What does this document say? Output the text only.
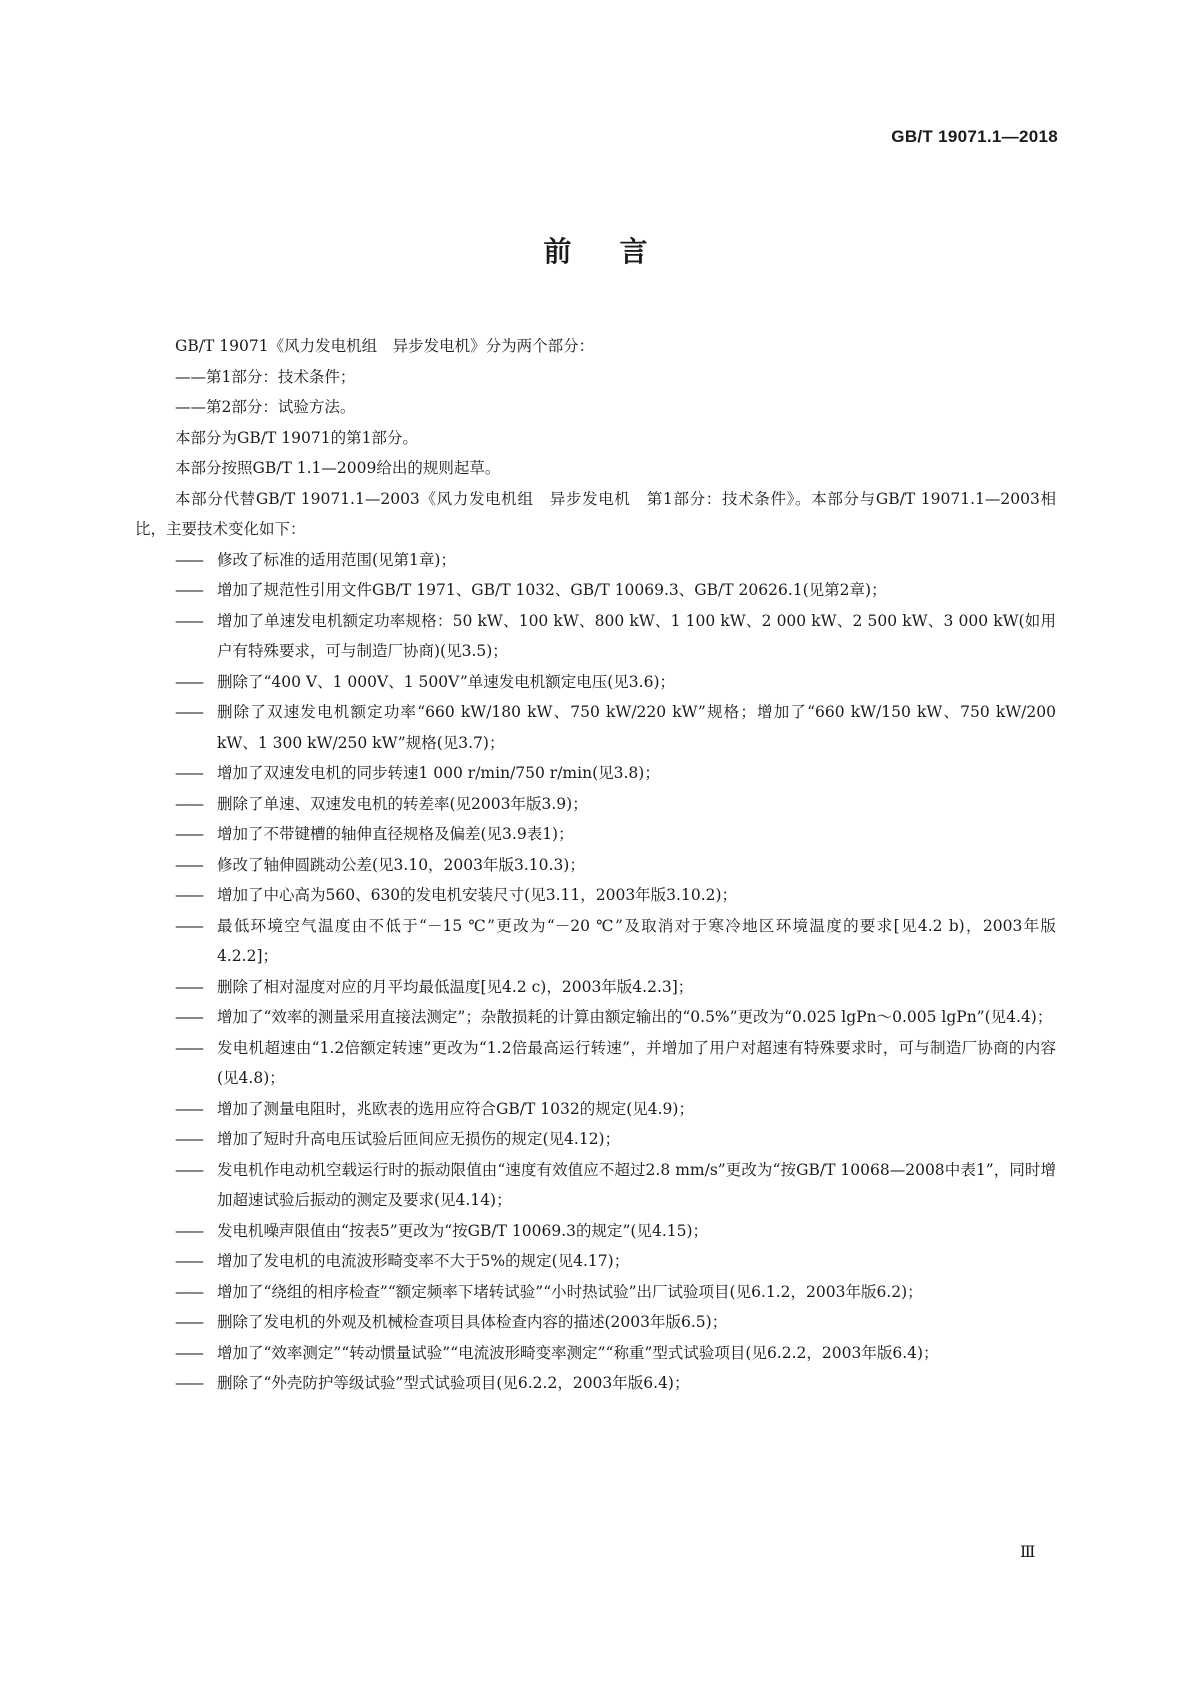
GB/T 19071.1—2018
前言

GB/T 19071《风力发电机组　异步发电机》分为两个部分：

——第1部分：技术条件；

——第2部分：试验方法。

本部分为GB/T 19071的第1部分。

本部分按照GB/T 1.1—2009给出的规则起草。

本部分代替GB/T 19071.1—2003《风力发电机组　异步发电机　第1部分：技术条件》。本部分与GB/T 19071.1—2003相比，主要技术变化如下：

—— 修改了标准的适用范围(见第1章)；
—— 增加了规范性引用文件GB/T 1971、GB/T 1032、GB/T 10069.3、GB/T 20626.1(见第2章)；
—— 增加了单速发电机额定功率规格：50 kW、100 kW、800 kW、1 100 kW、2 000 kW、2 500 kW、3 000 kW(如用户有特殊要求，可与制造厂协商)(见3.5)；
—— 删除了“400 V、1 000V、1 500V”单速发电机额定电压(见3.6)；
—— 删除了双速发电机额定功率“660 kW/180 kW、750 kW/220 kW”规格；增加了“660 kW/150 kW、750 kW/200 kW、1 300 kW/250 kW”规格(见3.7)；
—— 增加了双速发电机的同步转速1 000 r/min/750 r/min(见3.8)；
—— 删除了单速、双速发电机的转差率(见2003年版3.9)；
—— 增加了不带键槽的轴伸直径规格及偏差(见3.9表1)；
—— 修改了轴伸圆跳动公差(见3.10，2003年版3.10.3)；
—— 增加了中心高为560、630的发电机安装尺寸(见3.11，2003年版3.10.2)；
—— 最低环境空气温度由不低于“－15 ℃”更改为“－20 ℃”及取消对于寒冷地区环境温度的要求[见4.2 b)，2003年版4.2.2]；
—— 删除了相对湿度对应的月平均最低温度[见4.2 c)，2003年版4.2.3]；
—— 增加了“效率的测量采用直接法测定”；杂散损耗的计算由额定输出的“0.5%”更改为“0.025 lgPn～0.005 lgPn”(见4.4)；
—— 发电机超速由“1.2倍额定转速”更改为“1.2倍最高运行转速”，并增加了用户对超速有特殊要求时，可与制造厂协商的内容(见4.8)；
—— 增加了测量电阻时，兆欧表的选用应符合GB/T 1032的规定(见4.9)；
—— 增加了短时升高电压试验后匝间应无损伤的规定(见4.12)；
—— 发电机作电动机空载运行时的振动限值由“速度有效值应不超过2.8 mm/s”更改为“按GB/T 10068—2008中表1”，同时增加超速试验后振动的测定及要求(见4.14)；
—— 发电机噪声限值由“按表5”更改为“按GB/T 10069.3的规定”(见4.15)；
—— 增加了发电机的电流波形畸变率不大于5%的规定(见4.17)；
—— 增加了“绕组的相序检查”“额定频率下堵转试验”“小时热试验”出厂试验项目(见6.1.2，2003年版6.2)；
—— 删除了发电机的外观及机械检查项目具体检查内容的描述(2003年版6.5)；
—— 增加了“效率测定”“转动惯量试验”“电流波形畸变率测定”“称重”型式试验项目(见6.2.2，2003年版6.4)；
—— 删除了“外壳防护等级试验”型式试验项目(见6.2.2，2003年版6.4)；
Ⅲ
